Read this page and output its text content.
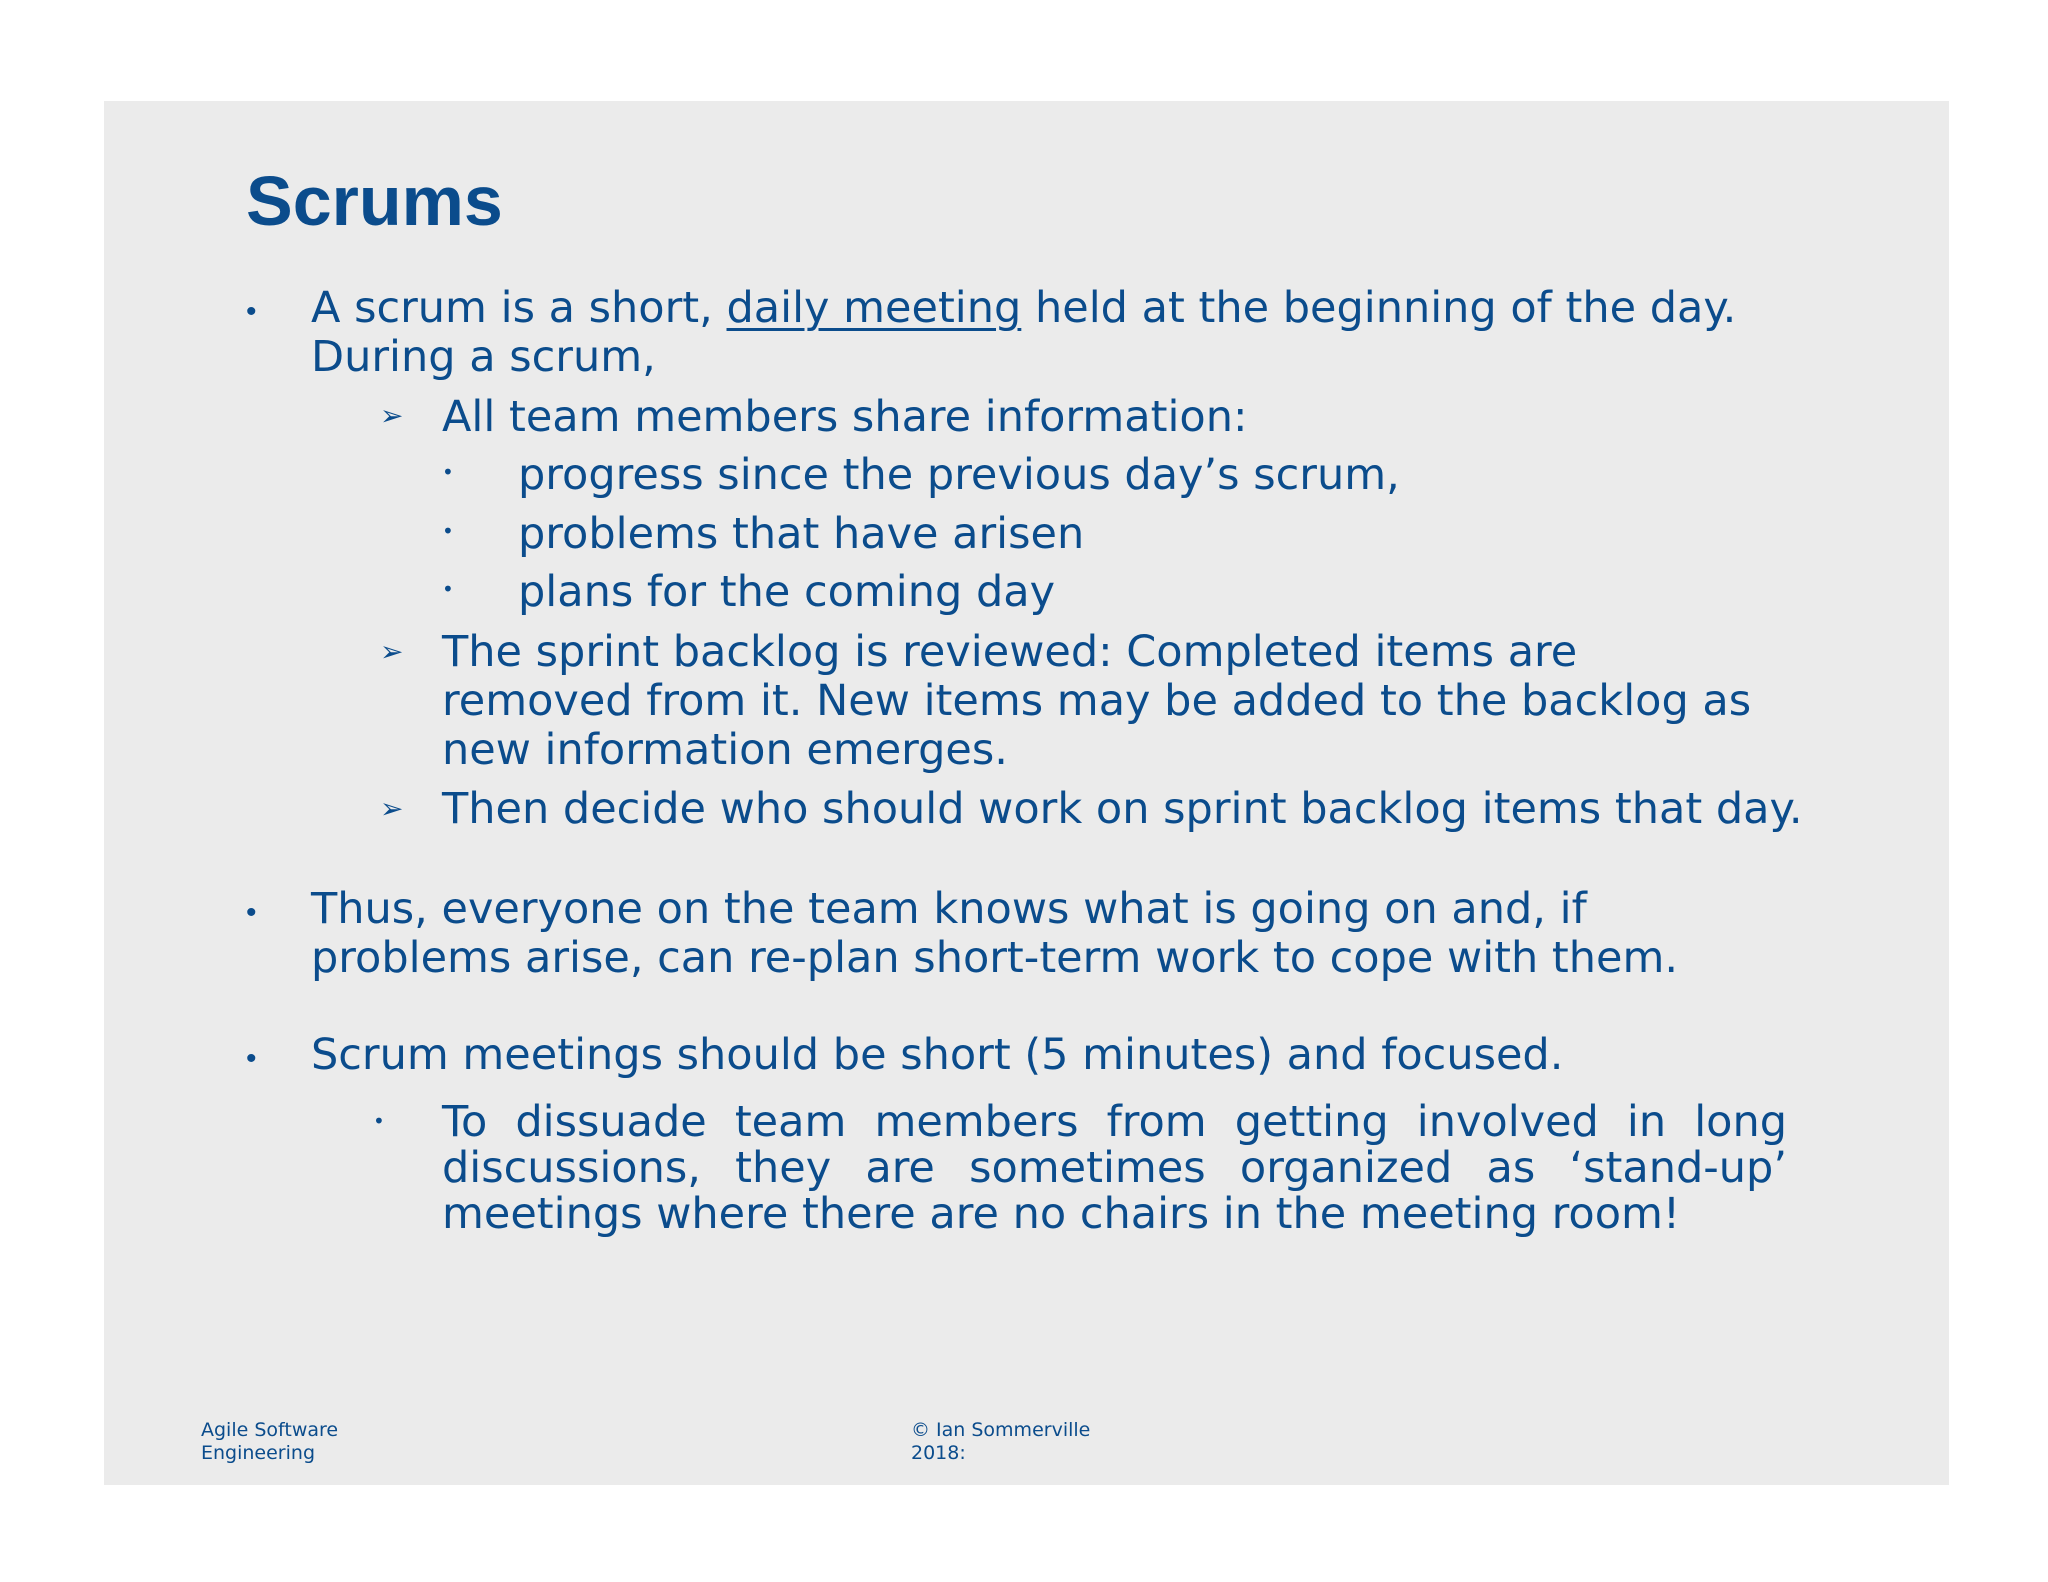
Scrums
• A scrum is a short, daily meeting held at the beginning of the day.
During a scrum,
➢ All team members share information:
• progress since the previous day’s scrum,
• problems that have arisen
• plans for the coming day
➢ The sprint backlog is reviewed: Completed items are removed from it. New items may be added to the backlog as new information emerges.
➢ Then decide who should work on sprint backlog items that day.
• Thus, everyone on the team knows what is going on and, if problems arise, can re-plan short-term work to cope with them.
• Scrum meetings should be short (5 minutes) and focused.
• To dissuade team members from getting involved in long discussions, they are sometimes organized as ‘stand-up’ meetings where there are no chairs in the meeting room!
Agile Software
Engineering
© Ian Sommerville
2018:
